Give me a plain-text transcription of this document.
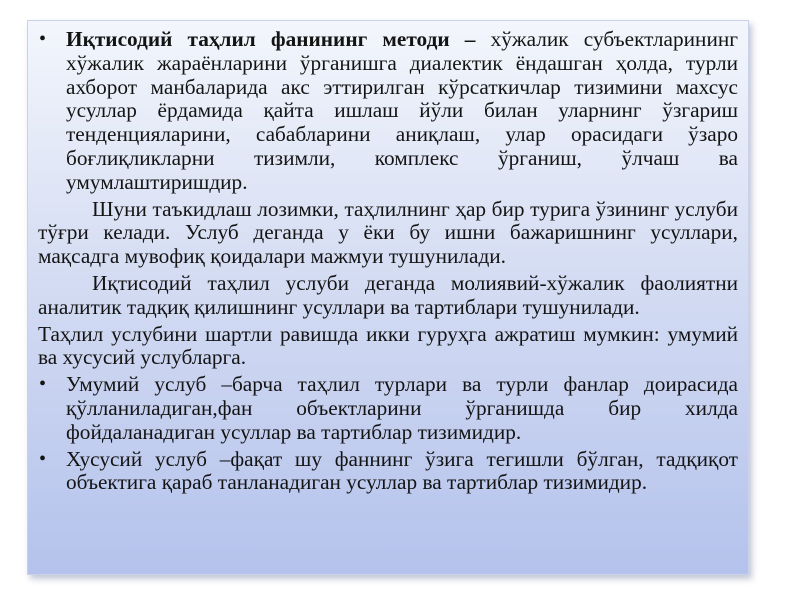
• Иқтисодий таҳлил фанининг методи – хўжалик субъектларининг хўжалик жараёнларини ўрганишга диалектик ёндашган ҳолда, турли ахборот манбаларида акс эттирилган кўрсаткичлар тизимини махсус усуллар ёрдамида қайта ишлаш йўли билан уларнинг ўзгариш тенденцияларини, сабабларини аниқлаш, улар орасидаги ўзаро боғлиқликларни тизимли, комплекс ўрганиш, ўлчаш ва умумлаштиришдир.

Шуни таъкидлаш лозимки, таҳлилнинг ҳар бир турига ўзининг услуби тўғри келади. Услуб деганда у ёки бу ишни бажаришнинг усуллари, мақсадга мувофиқ қоидалари мажмуи тушунилади.

Иқтисодий таҳлил услуби деганда молиявий-хўжалик фаолиятни аналитик тадқиқ қилишнинг усуллари ва тартиблари тушунилади.

Таҳлил услубини шартли равишда икки гуруҳга ажратиш мумкин: умумий ва хусусий услубларга.

• Умумий услуб –барча таҳлил турлари ва турли фанлар доирасида қўлланиладиган,фан объектларини ўрганишда бир хилда фойдаланадиган усуллар ва тартиблар тизимидир.

• Хусусий услуб –фақат шу фаннинг ўзига тегишли бўлган, тадқиқот объектига қараб танланадиган усуллар ва тартиблар тизимидир.
